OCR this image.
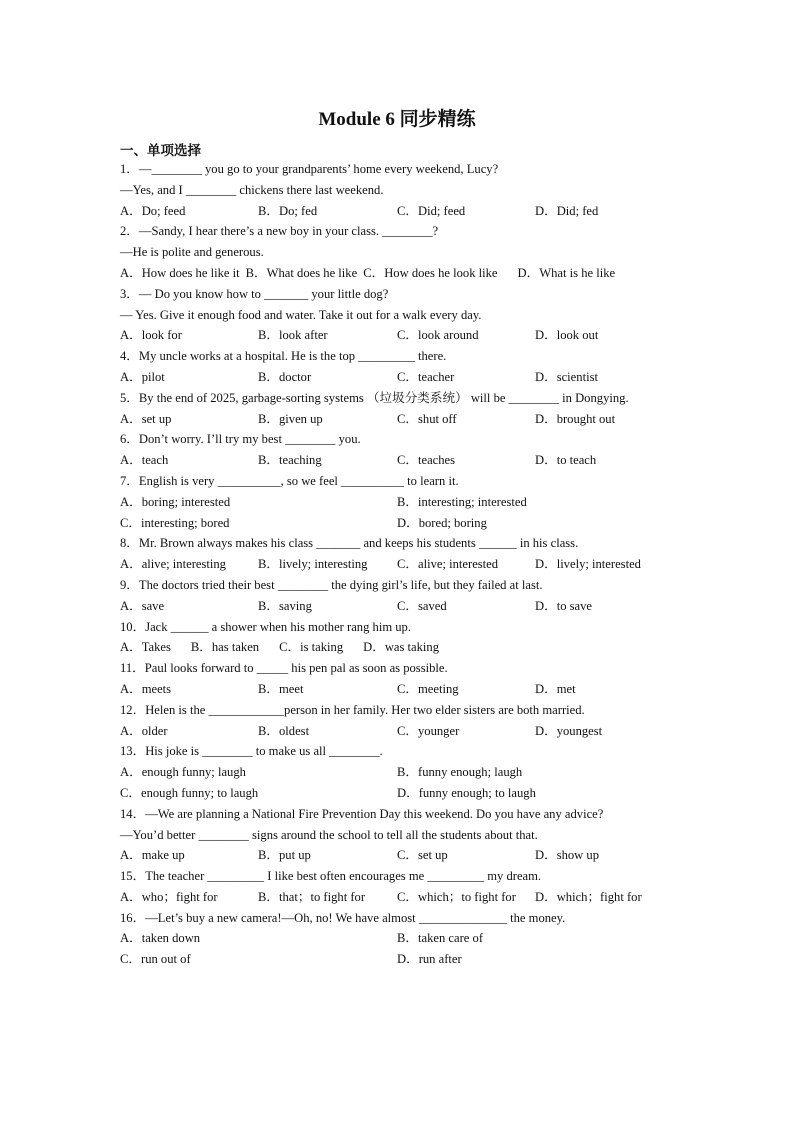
Module 6 同步精练
一、单项选择
1．—________ you go to your grandparents’ home every weekend, Lucy?
—Yes, and I ________ chickens there last weekend.
A．Do; feed	B．Do; fed	C．Did; feed	D．Did; fed
2．—Sandy, I hear there’s a new boy in your class. ________?
—He is polite and generous.
A．How does he like it B．What does he like C．How does he look like D．What is he like
3．— Do you know how to _______ your little dog?
— Yes. Give it enough food and water. Take it out for a walk every day.
A．look for	B．look after	C．look around	D．look out
4．My uncle works at a hospital. He is the top _________ there.
A．pilot	B．doctor	C．teacher	D．scientist
5．By the end of 2025, garbage-sorting systems （垃圾分类系统） will be ________ in Dongying.
A．set up	B．given up	C．shut off	D．brought out
6．Don’t worry. I’ll try my best ________ you.
A．teach	B．teaching	C．teaches	D．to teach
7．English is very __________, so we feel __________ to learn it.
A．boring; interested	B．interesting; interested
C．interesting; bored	D．bored; boring
8．Mr. Brown always makes his class _______ and keeps his students ______ in his class.
A．alive; interesting	B．lively; interesting C．alive; interested	D．lively; interested
9．The doctors tried their best ________ the dying girl’s life, but they failed at last.
A．save	B．saving	C．saved	D．to save
10．Jack ______ a shower when his mother rang him up.
A．Takes B．has taken C．is taking D．was taking
11．Paul looks forward to _____ his pen pal as soon as possible.
A．meets	B．meet	C．meeting	D．met
12．Helen is the ____________person in her family. Her two elder sisters are both married.
A．older	B．oldest	C．younger	D．youngest
13．His joke is ________ to make us all ________.
A．enough funny; laugh	B．funny enough; laugh
C．enough funny; to laugh	D．funny enough; to laugh
14．—We are planning a National Fire Prevention Day this weekend. Do you have any advice?
—You’d better ________ signs around the school to tell all the students about that.
A．make up	B．put up	C．set up	D．show up
15．The teacher _________ I like best often encourages me _________ my dream.
A．who；fight for	B．that；to fight for	C．which；to fight for D．which；fight for
16．—Let’s buy a new camera!—Oh, no! We have almost ______________ the money.
A．taken down	B．taken care of
C．run out of	D．run after
